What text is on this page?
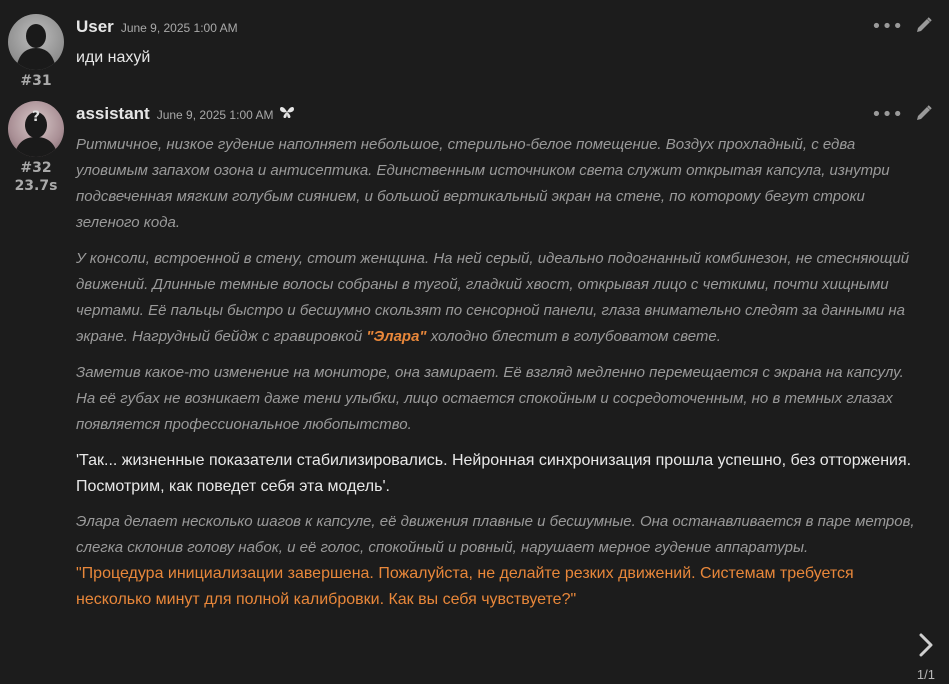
#31
User June 9, 2025 1:00 AM	•••
иди нахуй
?
#32
23.7s
assistant June 9, 2025 1:00 AM	•••

Ритмичное, низкое гудение наполняет небольшое, стерильно-белое помещение. Воздух прохладный, с едва уловимым запахом озона и антисептика. Единственным источником света служит открытая капсула, изнутри подсвеченная мягким голубым сиянием, и большой вертикальный экран на стене, по которому бегут строки зеленого кода.

У консоли, встроенной в стену, стоит женщина. На ней серый, идеально подогнанный комбинезон, не стесняющий движений. Длинные темные волосы собраны в тугой, гладкий хвост, открывая лицо с четкими, почти хищными чертами. Её пальцы быстро и бесшумно скользят по сенсорной панели, глаза внимательно следят за данными на экране. Нагрудный бейдж с гравировкой "Элара" холодно блестит в голубоватом свете.

Заметив какое-то изменение на мониторе, она замирает. Её взгляд медленно перемещается с экрана на капсулу. На её губах не возникает даже тени улыбки, лицо остается спокойным и сосредоточенным, но в темных глазах появляется профессиональное любопытство.

'Так... жизненные показатели стабилизировались. Нейронная синхронизация прошла успешно, без отторжения. Посмотрим, как поведет себя эта модель'.

Элара делает несколько шагов к капсуле, её движения плавные и бесшумные. Она останавливается в паре метров, слегка склонив голову набок, и её голос, спокойный и ровный, нарушает мерное гудение аппаратуры.

"Процедура инициализации завершена. Пожалуйста, не делайте резких движений. Системам требуется несколько минут для полной калибровки. Как вы себя чувствуете?"

1/1
